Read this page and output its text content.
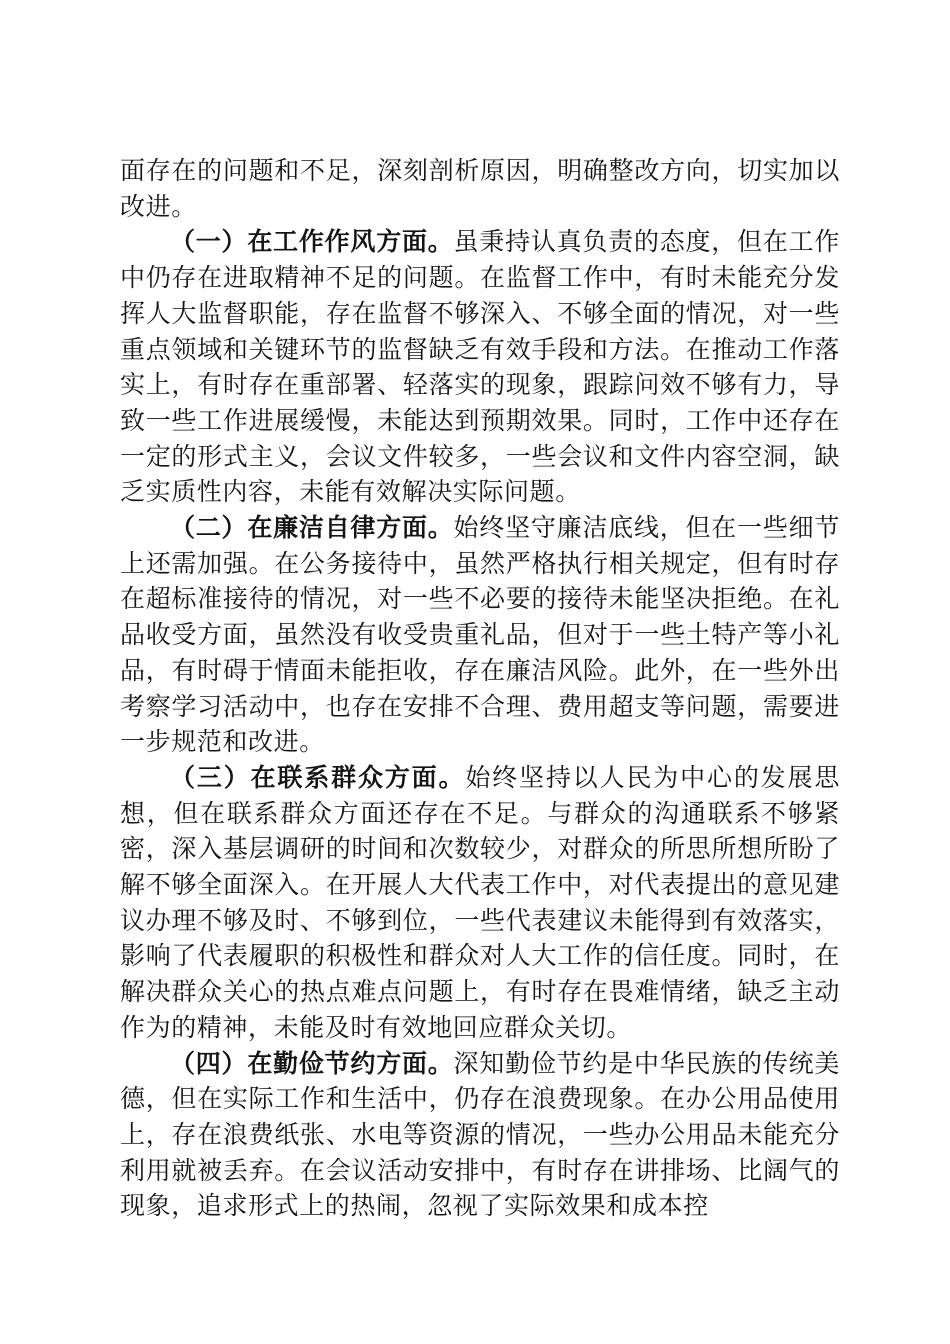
面存在的问题和不足，深刻剖析原因，明确整改方向，切实加以改进。

（一）在工作作风方面。虽秉持认真负责的态度，但在工作中仍存在进取精神不足的问题。在监督工作中，有时未能充分发挥人大监督职能，存在监督不够深入、不够全面的情况，对一些重点领域和关键环节的监督缺乏有效手段和方法。在推动工作落实上，有时存在重部署、轻落实的现象，跟踪问效不够有力，导致一些工作进展缓慢，未能达到预期效果。同时，工作中还存在一定的形式主义，会议文件较多，一些会议和文件内容空洞，缺乏实质性内容，未能有效解决实际问题。

（二）在廉洁自律方面。始终坚守廉洁底线，但在一些细节上还需加强。在公务接待中，虽然严格执行相关规定，但有时存在超标准接待的情况，对一些不必要的接待未能坚决拒绝。在礼品收受方面，虽然没有收受贵重礼品，但对于一些土特产等小礼品，有时碍于情面未能拒收，存在廉洁风险。此外，在一些外出考察学习活动中，也存在安排不合理、费用超支等问题，需要进一步规范和改进。

（三）在联系群众方面。始终坚持以人民为中心的发展思想，但在联系群众方面还存在不足。与群众的沟通联系不够紧密，深入基层调研的时间和次数较少，对群众的所思所想所盼了解不够全面深入。在开展人大代表工作中，对代表提出的意见建议办理不够及时、不够到位，一些代表建议未能得到有效落实，影响了代表履职的积极性和群众对人大工作的信任度。同时，在解决群众关心的热点难点问题上，有时存在畏难情绪，缺乏主动作为的精神，未能及时有效地回应群众关切。

（四）在勤俭节约方面。深知勤俭节约是中华民族的传统美德，但在实际工作和生活中，仍存在浪费现象。在办公用品使用上，存在浪费纸张、水电等资源的情况，一些办公用品未能充分利用就被丢弃。在会议活动安排中，有时存在讲排场、比阔气的现象，追求形式上的热闹，忽视了实际效果和成本控
